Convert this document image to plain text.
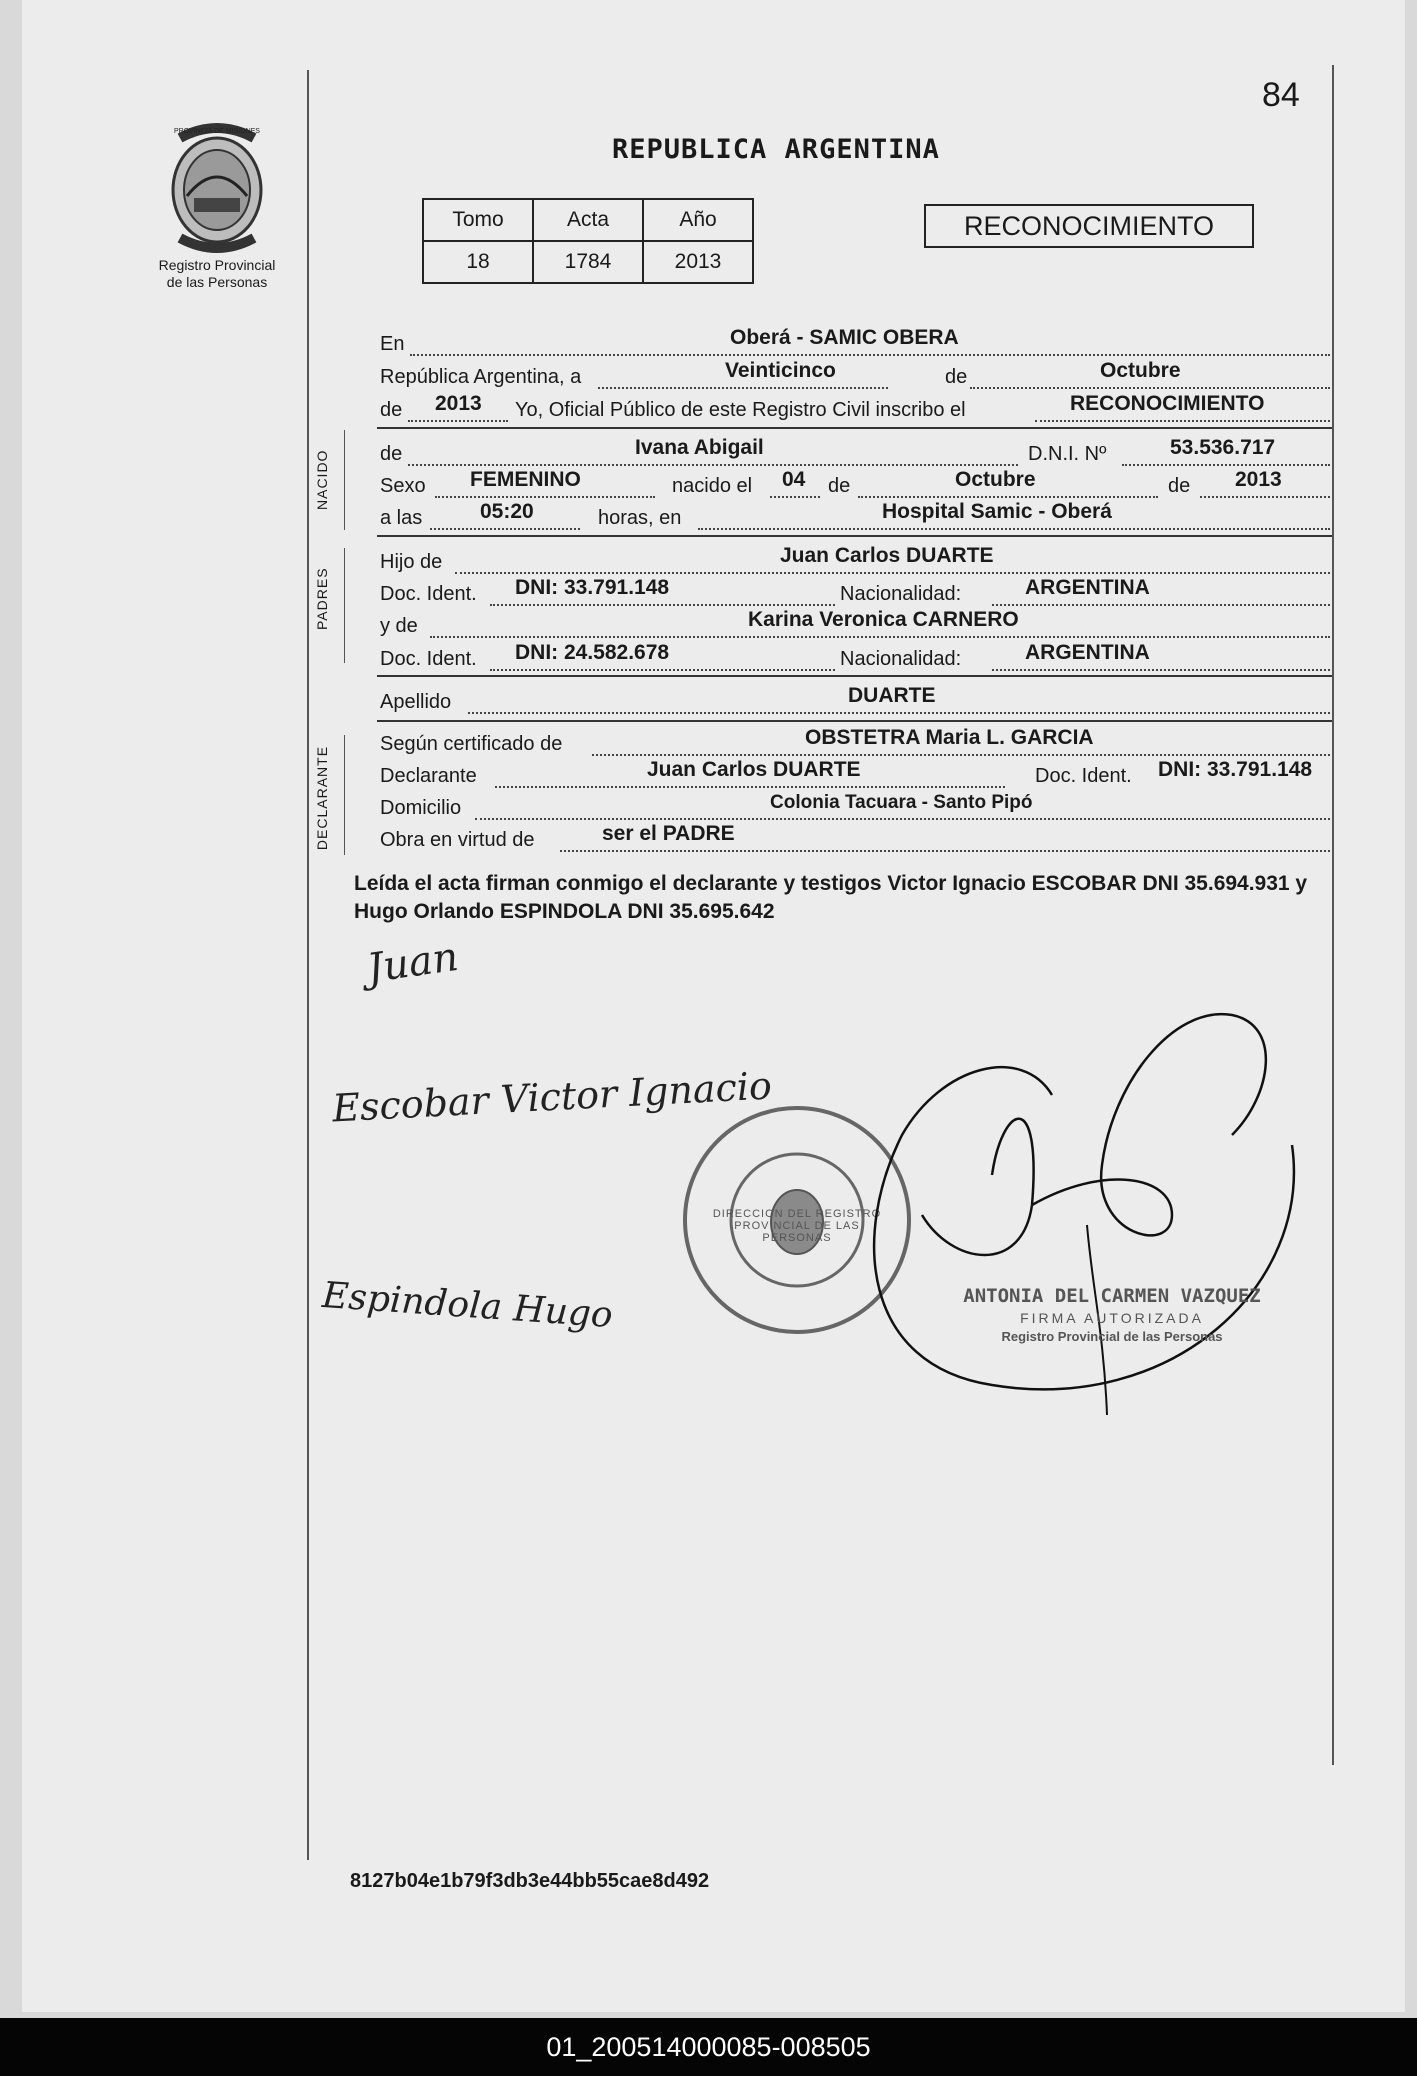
84
Registro Provincial
de las Personas
PROVINCIA DE MISIONES
REPUBLICA ARGENTINA
Tomo	Acta	Año
18	1784	2013
RECONOCIMIENTO
NACIDO
PADRES
DECLARANTE
En	Oberá - SAMIC OBERA
República Argentina, a	Veinticinco	de	Octubre
de 2013 Yo, Oficial Público de este Registro Civil inscribo el	RECONOCIMIENTO
de	Ivana Abigail	D.N.I. Nº	53.536.717
Sexo FEMENINO	nacido el 04 de	Octubre	de 2013
a las	05:20	horas, en	Hospital Samic - Oberá
Hijo de	Juan Carlos DUARTE
Doc. Ident. DNI: 33.791.148	Nacionalidad:	ARGENTINA
y de	Karina Veronica CARNERO
Doc. Ident. DNI: 24.582.678	Nacionalidad:	ARGENTINA
Apellido	DUARTE
Según certificado de	OBSTETRA Maria L. GARCIA
Declarante	Juan Carlos DUARTE	Doc. Ident. DNI: 33.791.148
Domicilio	Colonia Tacuara - Santo Pipó
Obra en virtud de	ser el PADRE
Leída el acta firman conmigo el declarante y testigos Victor Ignacio ESCOBAR DNI 35.694.931 y Hugo Orlando ESPINDOLA DNI 35.695.642
Juan
Escobar Victor Ignacio
Espindola Hugo
DIRECCION DEL REGISTRO PROVINCIAL DE LAS PERSONAS
ANTONIA DEL CARMEN VAZQUEZ
FIRMA AUTORIZADA
Registro Provincial de las Personas
8127b04e1b79f3db3e44bb55cae8d492
01_200514000085-008505
